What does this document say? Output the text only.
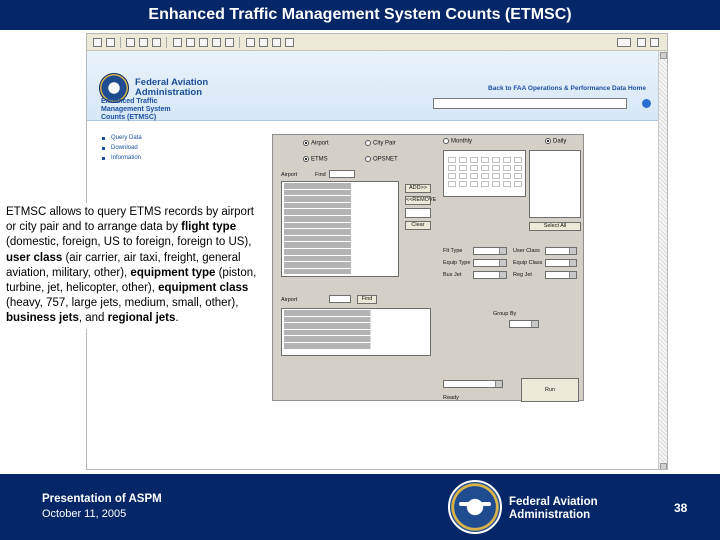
Enhanced Traffic Management System Counts (ETMSC)
Federal Aviation Administration	Back to FAA Operations & Performance Data Home
Enhanced Traffic Management System Counts (ETMSC)
Query Data
Download
Information
Airport	City Pair
ETMS	OPSNET
Airport	Find
ADD>>
<<REMOVE
Clear
Airport	Find
Monthly	Daily
Select All
Flt Type	User Class
Equip Type	Equip Class
Bus Jet	Reg Jet
Group By
Run
Ready
ETMSC allows to query ETMS records by airport or city pair and to arrange data by flight type (domestic, foreign, US to foreign, foreign to US), user class (air carrier, air taxi, freight, general aviation, military, other), equipment type (piston, turbine, jet, helicopter, other), equipment class (heavy, 757, large jets, medium, small, other), business jets, and regional jets.
Presentation of ASPM
October 11, 2005
Federal Aviation Administration	38
